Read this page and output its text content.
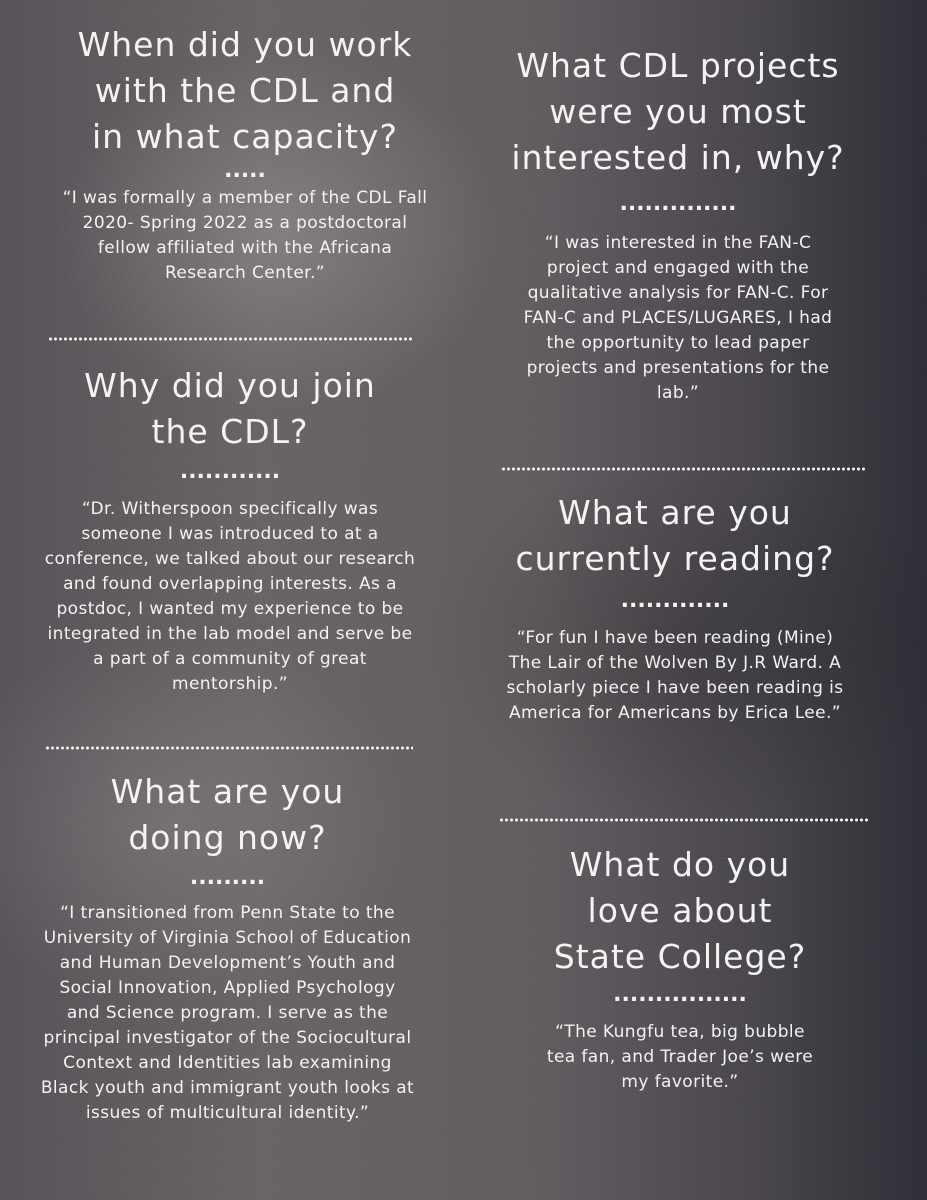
When did you work
with the CDL and
in what capacity?
.....

“I was formally a member of the CDL Fall
2020- Spring 2022 as a postdoctoral
fellow affiliated with the Africana
Research Center.”

Why did you join
the CDL?
............

“Dr. Witherspoon specifically was
someone I was introduced to at a
conference, we talked about our research
and found overlapping interests. As a
postdoc, I wanted my experience to be
integrated in the lab model and serve be
a part of a community of great
mentorship.”

What are you
doing now?
.........

“I transitioned from Penn State to the
University of Virginia School of Education
and Human Development’s Youth and
Social Innovation, Applied Psychology
and Science program. I serve as the
principal investigator of the Sociocultural
Context and Identities lab examining
Black youth and immigrant youth looks at
issues of multicultural identity.”

What CDL projects
were you most
interested in, why?
..............

“I was interested in the FAN-C
project and engaged with the
qualitative analysis for FAN-C. For
FAN-C and PLACES/LUGARES, I had
the opportunity to lead paper
projects and presentations for the
lab.”

What are you
currently reading?
.............

“For fun I have been reading (Mine)
The Lair of the Wolven By J.R Ward. A
scholarly piece I have been reading is
America for Americans by Erica Lee.”

What do you
love about
State College?
................

“The Kungfu tea, big bubble
tea fan, and Trader Joe’s were
my favorite.”
